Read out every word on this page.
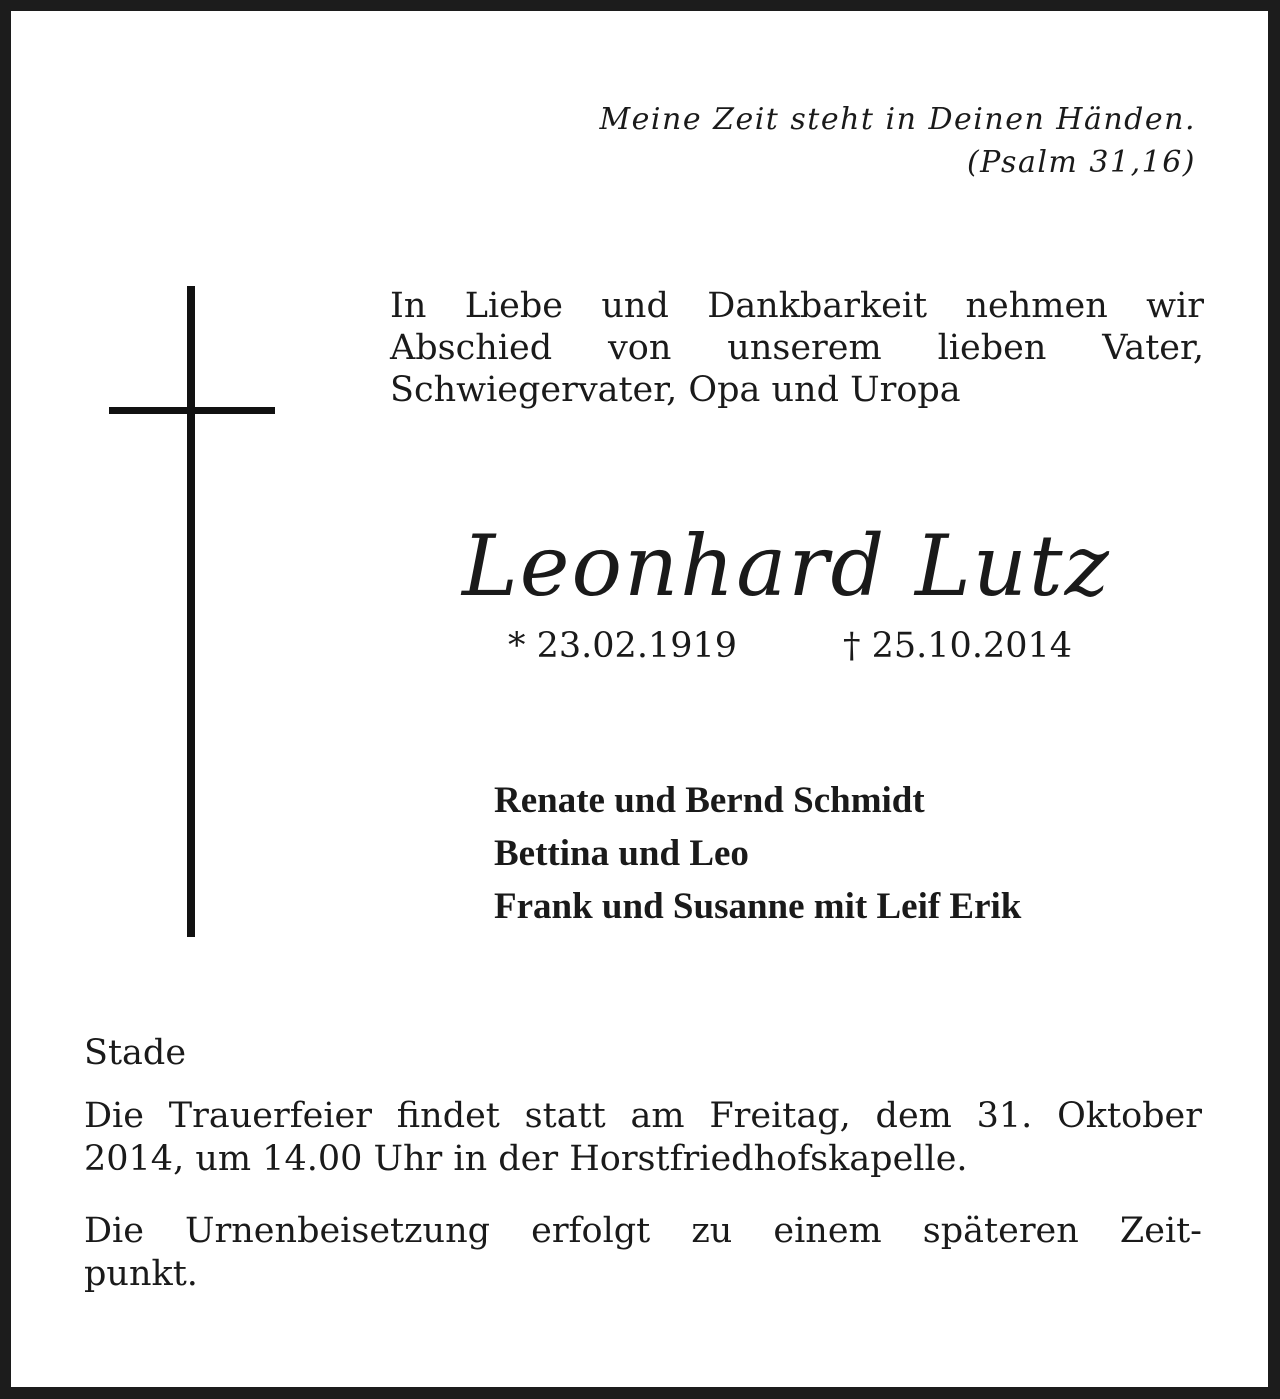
Meine Zeit steht in Deinen Händen.
(Psalm 31,16)
In Liebe und Dankbarkeit nehmen wir
Abschied von unserem lieben Vater,
Schwiegervater, Opa und Uropa
Leonhard Lutz
* 23.02.1919	† 25.10.2014
Renate und Bernd Schmidt
Bettina und Leo
Frank und Susanne mit Leif Erik
Stade
Die Trauerfeier findet statt am Freitag, dem 31. Oktober
2014, um 14.00 Uhr in der Horstfriedhofskapelle.
Die Urnenbeisetzung erfolgt zu einem späteren Zeit-
punkt.
